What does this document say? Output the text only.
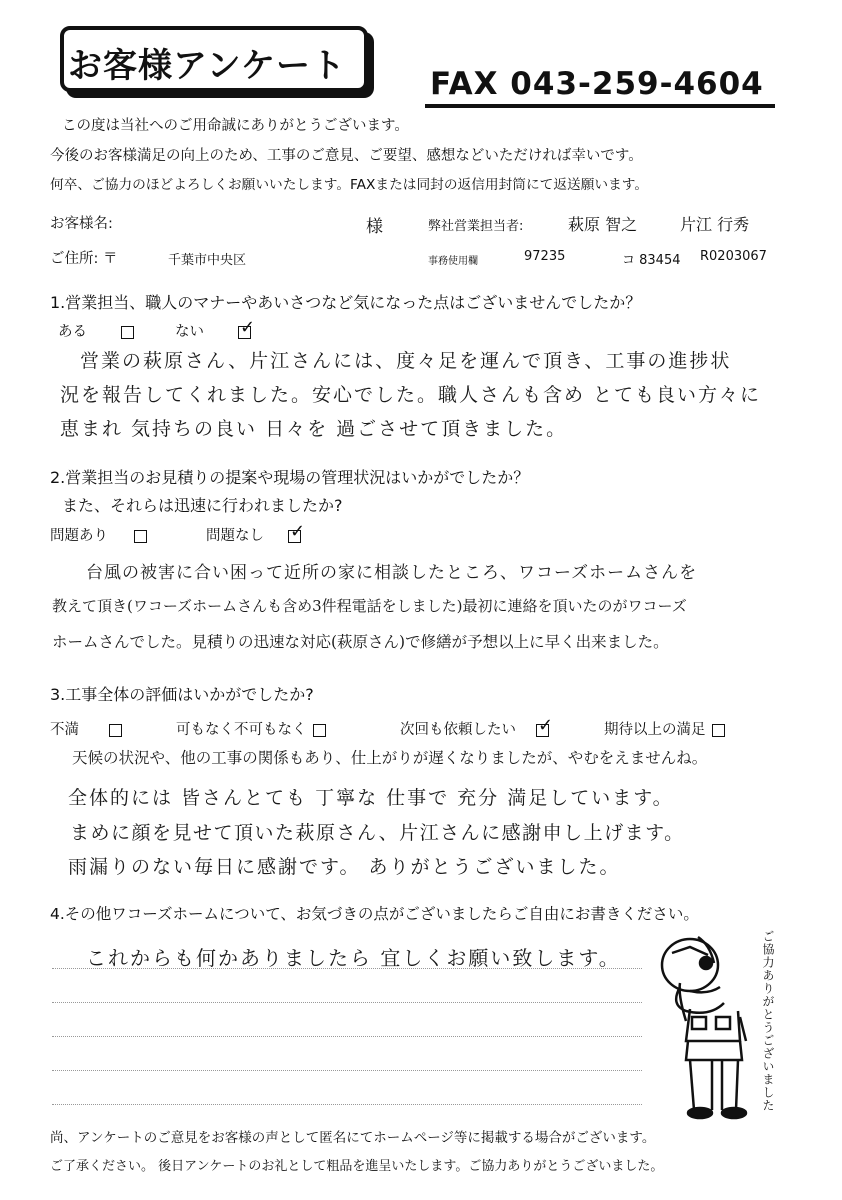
お客様アンケート	FAX 043-259-4604
この度は当社へのご用命誠にありがとうございます。
今後のお客様満足の向上のため、工事のご意見、ご要望、感想などいただければ幸いです。
何卒、ご協力のほどよろしくお願いいたします。FAXまたは同封の返信用封筒にて返送願います。
お客様名:	様	弊社営業担当者:	萩原 智之	片江 行秀
ご住所: 〒	千葉市中央区	事務使用欄	97235	コ 83454 R0203067
1.営業担当、職人のマナーやあいさつなど気になった点はございませんでしたか？
ある	ない✓
営業の萩原さん、片江さんには、度々足を運んで頂き、工事の進捗状
況を報告してくれました。安心でした。職人さんも含め とても良い方々に
恵まれ 気持ちの良い 日々を 過ごさせて頂きました。
2.営業担当のお見積りの提案や現場の管理状況はいかがでしたか？
また、それらは迅速に行われましたか?
問題あり	問題なし✓
台風の被害に合い困って近所の家に相談したところ、ワコーズホームさんを
教えて頂き(ワコーズホームさんも含め3件程電話をしました)最初に連絡を頂いたのがワコーズ
ホームさんでした。見積りの迅速な対応(萩原さん)で修繕が予想以上に早く出来ました。
3.工事全体の評価はいかがでしたか?
不満	可もなく不可もなく	次回も依頼したい✓	期待以上の満足
天候の状況や、他の工事の関係もあり、仕上がりが遅くなりましたが、やむをえませんね。
全体的には 皆さんとても 丁寧な 仕事で 充分 満足しています。
まめに顔を見せて頂いた萩原さん、片江さんに感謝申し上げます。
雨漏りのない毎日に感謝です。 ありがとうございました。
4.その他ワコーズホームについて、お気づきの点がございましたらご自由にお書きください。
これからも何かありましたら 宜しくお願い致します。	ご協力ありがとうございました
尚、アンケートのご意見をお客様の声として匿名にてホームページ等に掲載する場合がございます。
ご了承ください。 後日アンケートのお礼として粗品を進呈いたします。ご協力ありがとうございました。
